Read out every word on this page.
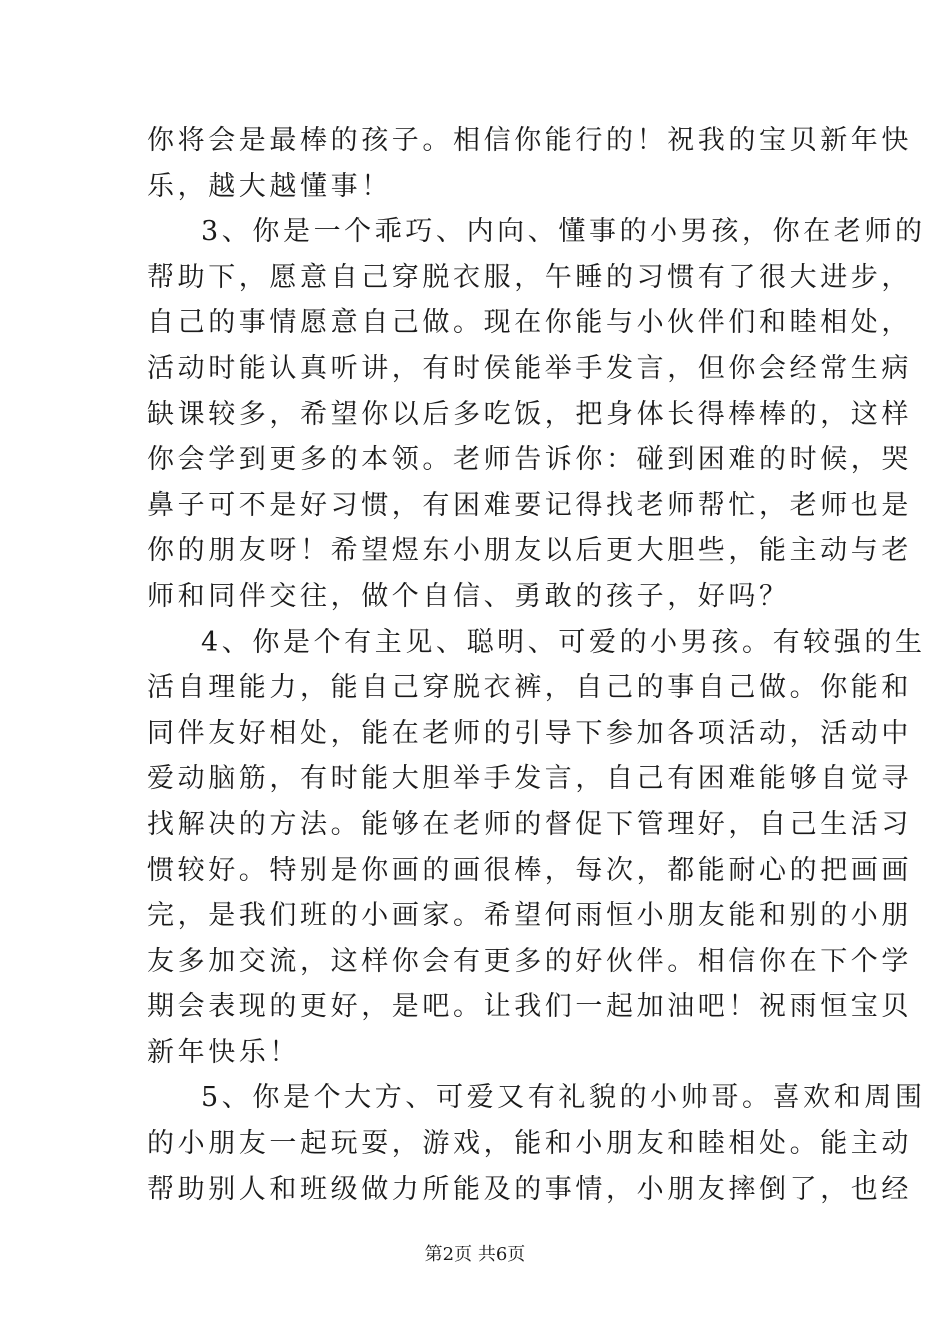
你将会是最棒的孩子。相信你能行的！祝我的宝贝新年快
乐，越大越懂事！
3、你是一个乖巧、内向、懂事的小男孩，你在老师的
帮助下，愿意自己穿脱衣服，午睡的习惯有了很大进步，
自己的事情愿意自己做。现在你能与小伙伴们和睦相处，
活动时能认真听讲，有时侯能举手发言，但你会经常生病
缺课较多，希望你以后多吃饭，把身体长得棒棒的，这样
你会学到更多的本领。老师告诉你：碰到困难的时候，哭
鼻子可不是好习惯，有困难要记得找老师帮忙，老师也是
你的朋友呀！希望煜东小朋友以后更大胆些，能主动与老
师和同伴交往，做个自信、勇敢的孩子，好吗？
4、你是个有主见、聪明、可爱的小男孩。有较强的生
活自理能力，能自己穿脱衣裤，自己的事自己做。你能和
同伴友好相处，能在老师的引导下参加各项活动，活动中
爱动脑筋，有时能大胆举手发言，自己有困难能够自觉寻
找解决的方法。能够在老师的督促下管理好，自己生活习
惯较好。特别是你画的画很棒，每次，都能耐心的把画画
完，是我们班的小画家。希望何雨恒小朋友能和别的小朋
友多加交流，这样你会有更多的好伙伴。相信你在下个学
期会表现的更好，是吧。让我们一起加油吧！祝雨恒宝贝
新年快乐！
5、你是个大方、可爱又有礼貌的小帅哥。喜欢和周围
的小朋友一起玩耍，游戏，能和小朋友和睦相处。能主动
帮助别人和班级做力所能及的事情，小朋友摔倒了，也经
第2页 共6页
